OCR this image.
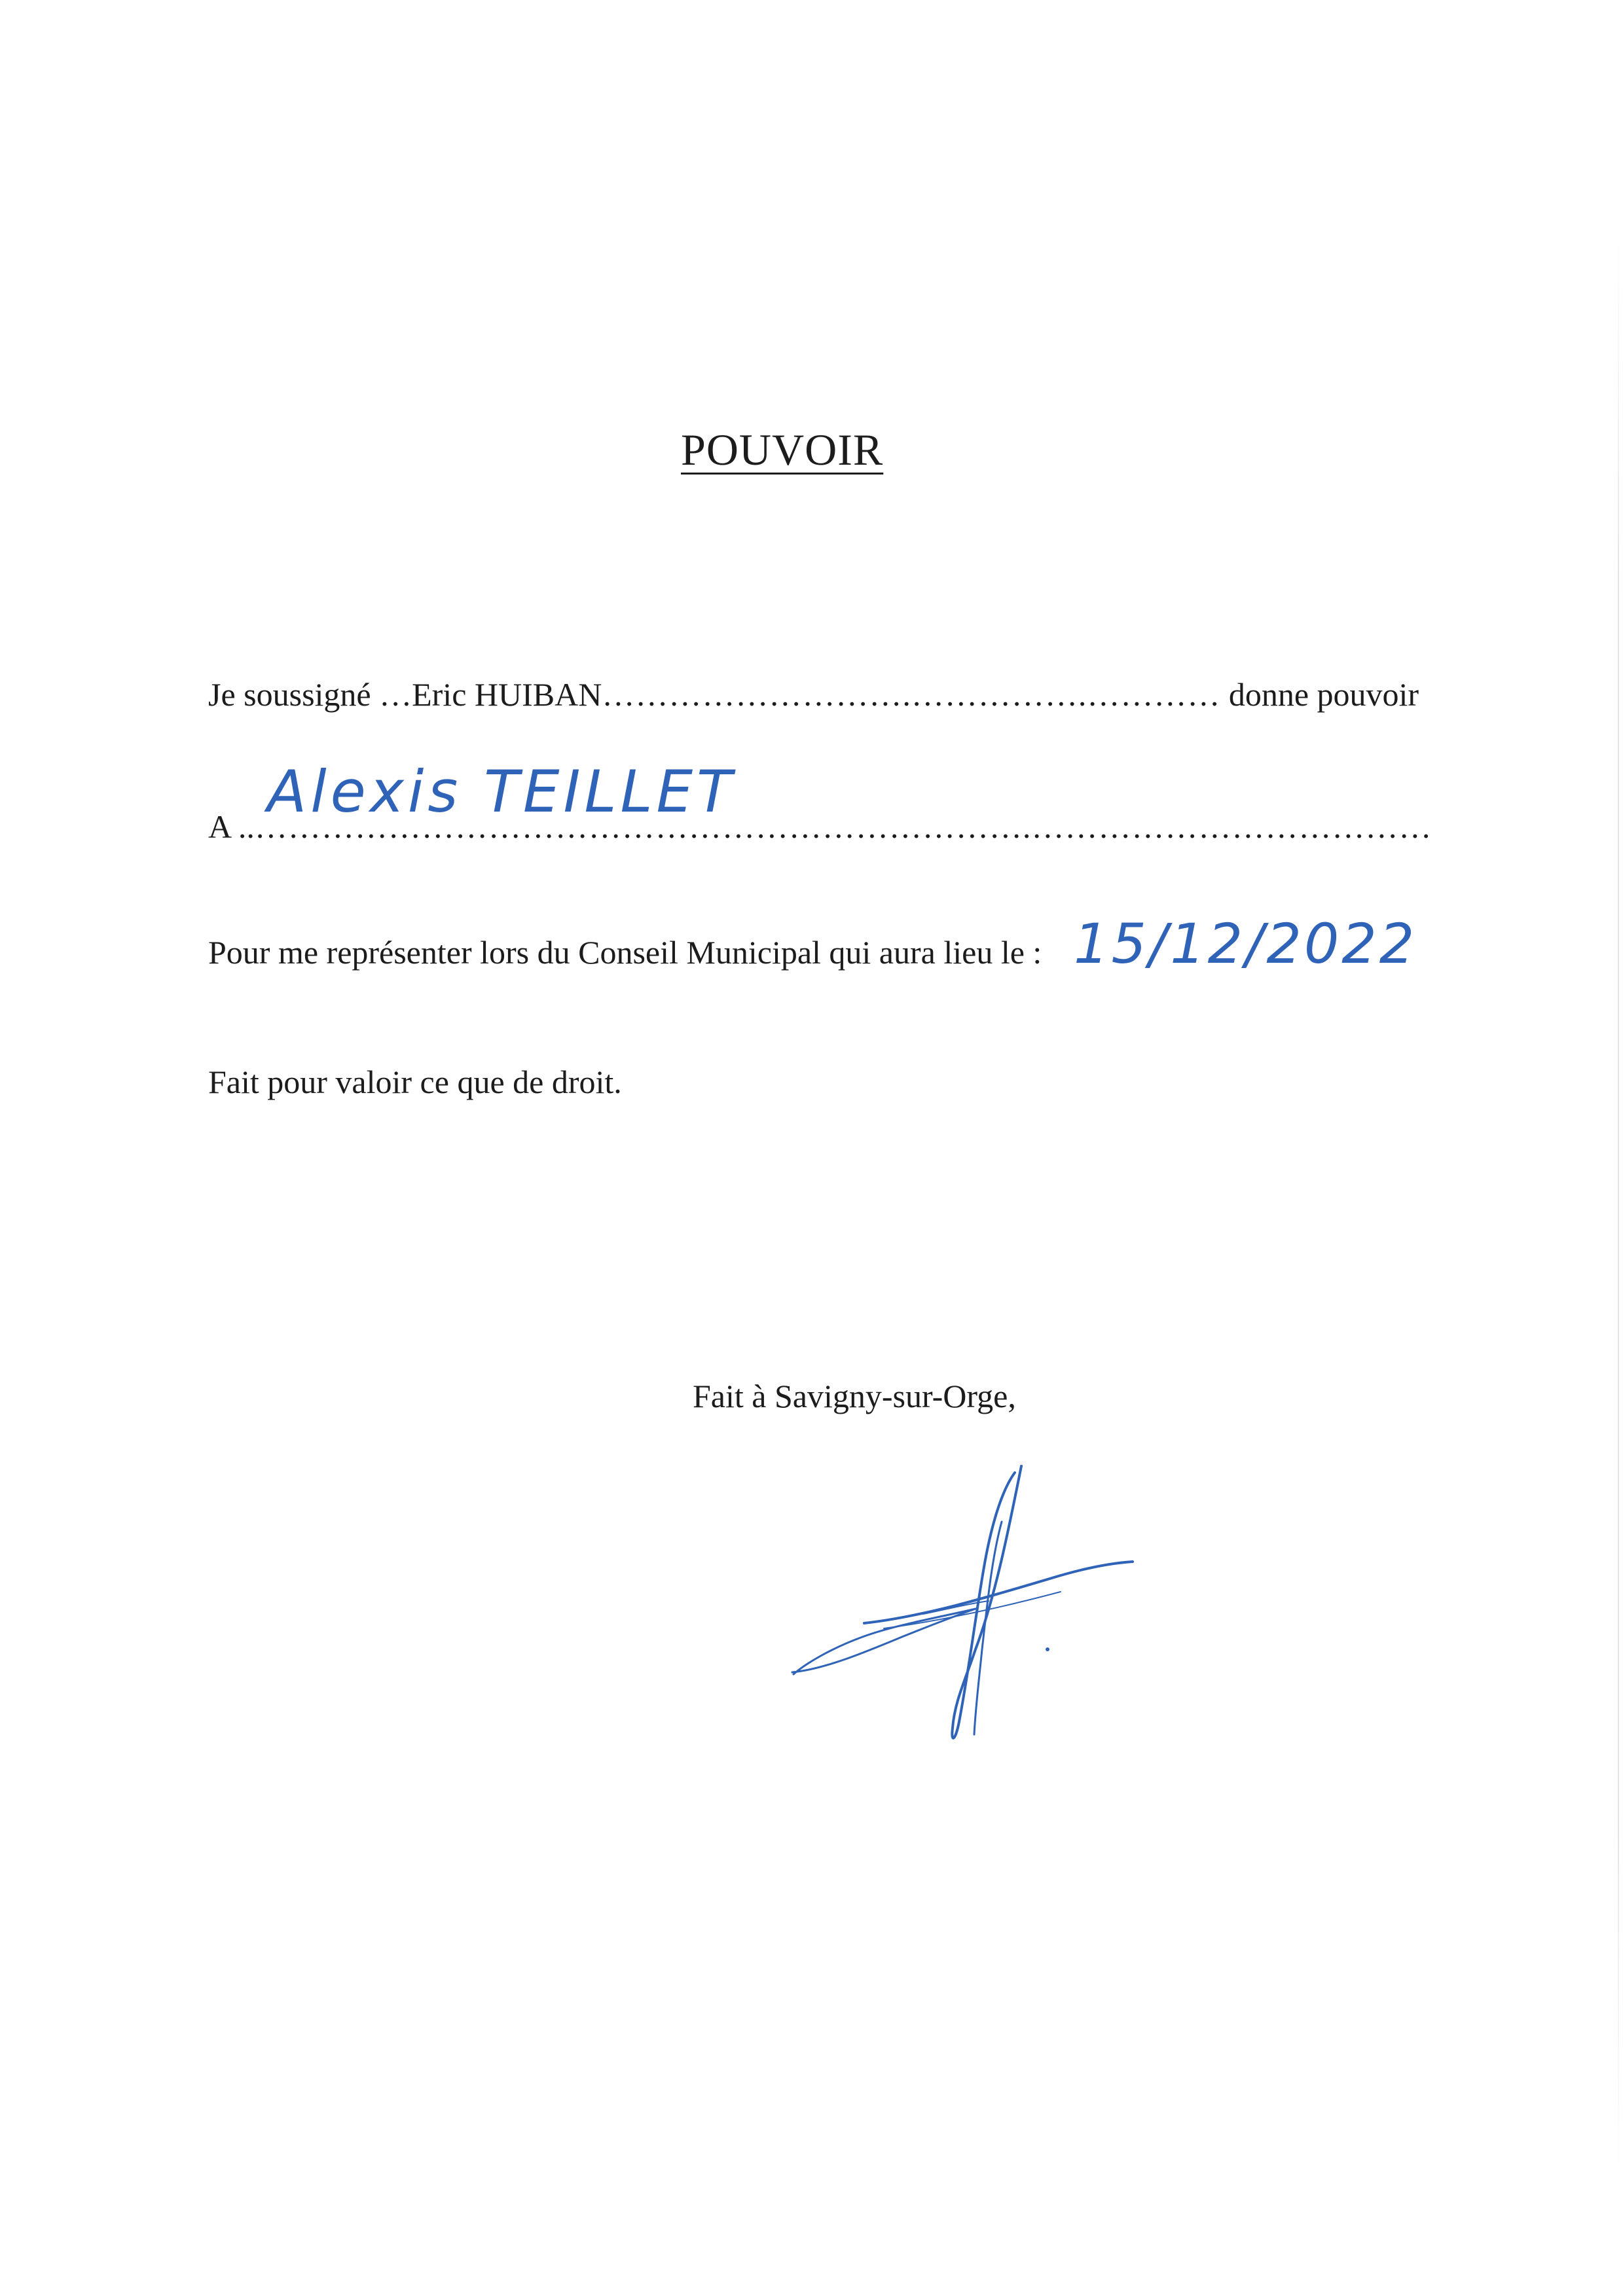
POUVOIR
Je soussigné …Eric HUIBAN……………………….…………….………… donne pouvoir
A ..…………………………………………………………….………………………………
Alexis TEILLET
Pour me représenter lors du Conseil Municipal qui aura lieu le : 15/12/2022
Fait pour valoir ce que de droit.
Fait à Savigny-sur-Orge,
